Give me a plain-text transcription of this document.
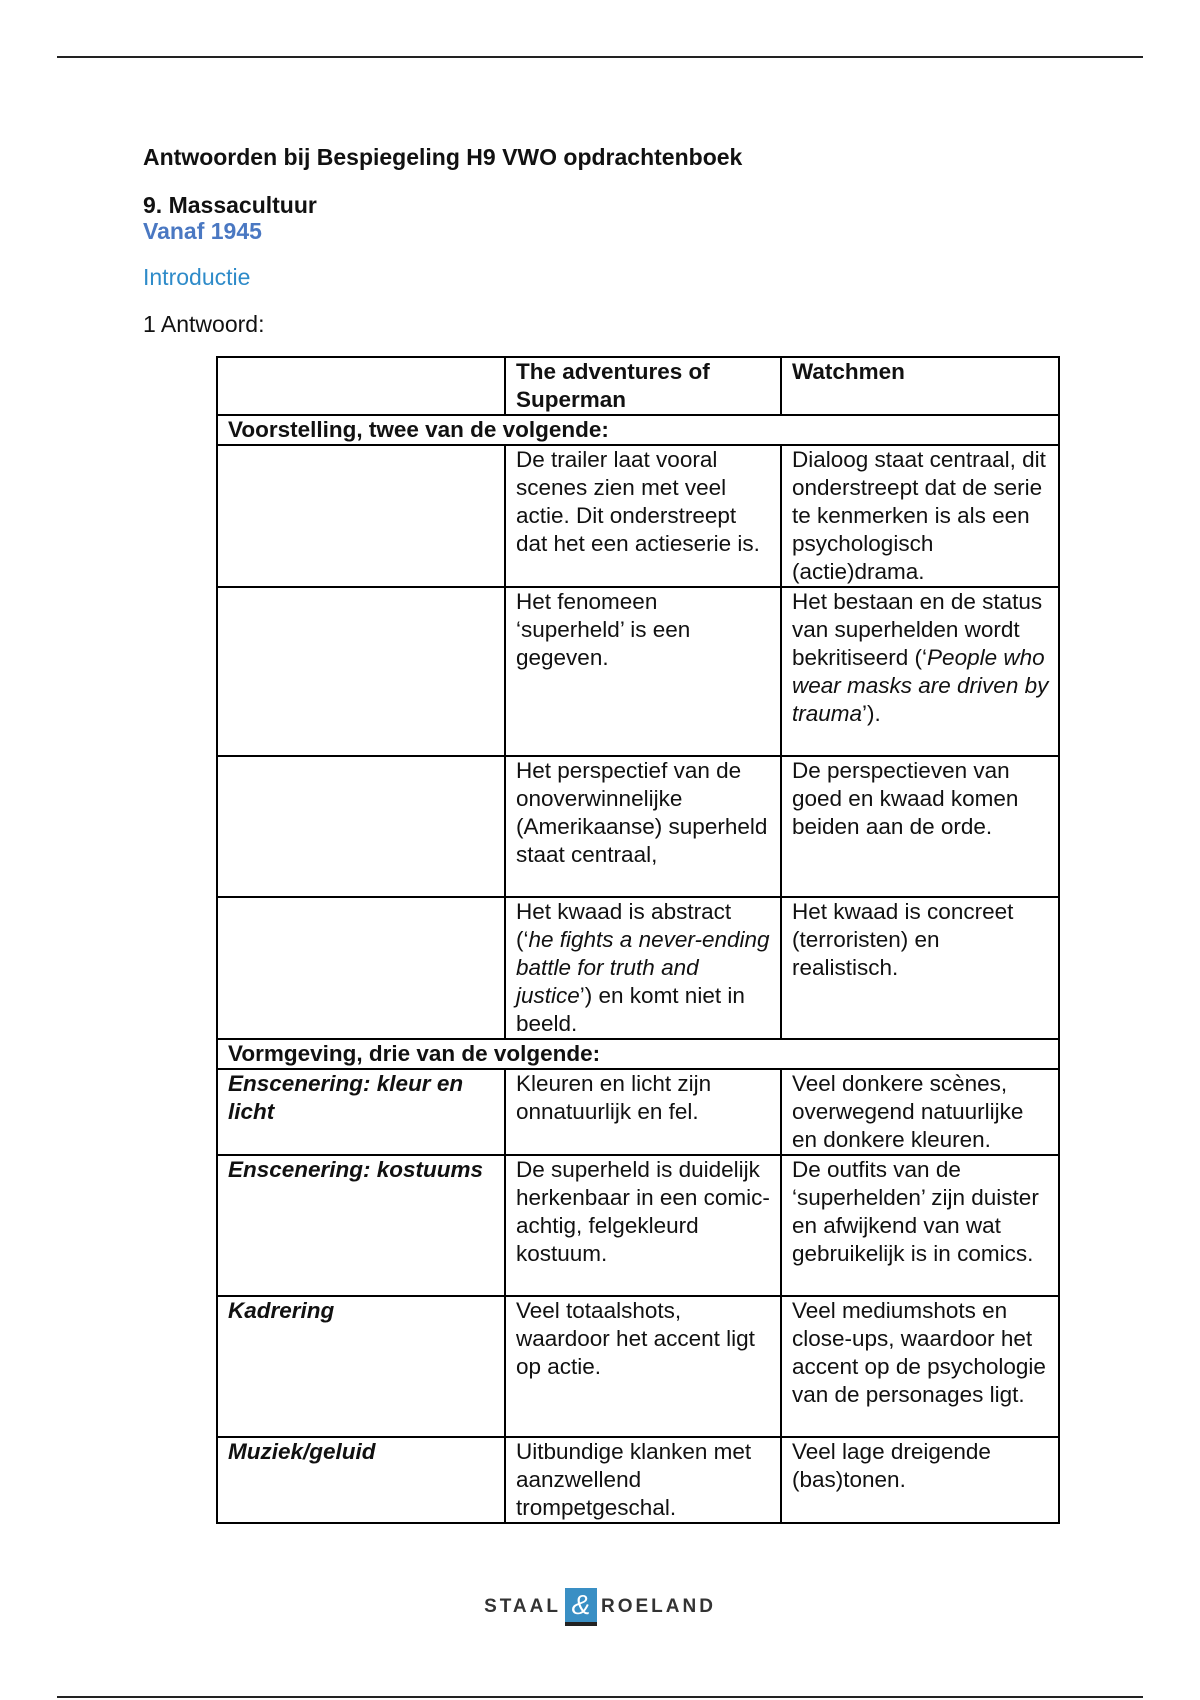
Antwoorden bij Bespiegeling H9 VWO opdrachtenboek
9. Massacultuur
Vanaf 1945
Introductie
1 Antwoord:
	The adventures of Superman	Watchmen
Voorstelling, twee van de volgende:		
	De trailer laat vooral scenes zien met veel actie. Dit onderstreept dat het een actieserie is.	Dialoog staat centraal, dit onderstreept dat de serie te kenmerken is als een psychologisch (actie)drama.
	Het fenomeen ‘superheld’ is een gegeven.	Het bestaan en de status van superhelden wordt bekritiseerd (‘People who wear masks are driven by trauma’).
	Het perspectief van de onoverwinnelijke (Amerikaanse) superheld staat centraal,	De perspectieven van goed en kwaad komen beiden aan de orde.
	Het kwaad is abstract (‘he fights a never-ending battle for truth and justice’) en komt niet in beeld.	Het kwaad is concreet (terroristen) en realistisch.
Vormgeving, drie van de volgende:		
Enscenering: kleur en licht	Kleuren en licht zijn onnatuurlijk en fel.	Veel donkere scènes, overwegend natuurlijke en donkere kleuren.
Enscenering: kostuums	De superheld is duidelijk herkenbaar in een comic-achtig, felgekleurd kostuum.	De outfits van de ‘superhelden’ zijn duister en afwijkend van wat gebruikelijk is in comics.
Kadrering	Veel totaalshots, waardoor het accent ligt op actie.	Veel mediumshots en close-ups, waardoor het accent op de psychologie van de personages ligt.
Muziek/geluid	Uitbundige klanken met aanzwellend trompetgeschal.	Veel lage dreigende (bas)tonen.
STAAL & ROELAND
